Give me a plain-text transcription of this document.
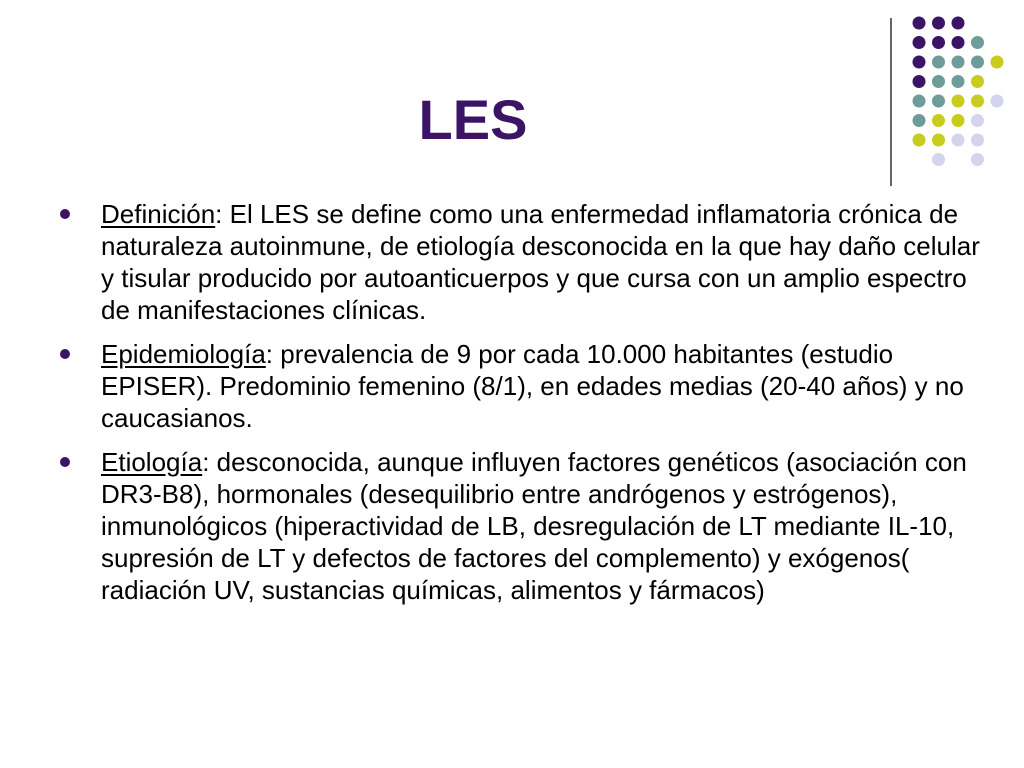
LES
Definición: El LES se define como una enfermedad inflamatoria crónica de naturaleza autoinmune, de etiología desconocida en la que hay daño celular y tisular producido por autoanticuerpos y que cursa con un amplio espectro de manifestaciones clínicas.
Epidemiología: prevalencia de 9 por cada 10.000 habitantes (estudio EPISER). Predominio femenino (8/1), en edades medias (20-40 años) y no caucasianos.
Etiología: desconocida, aunque influyen factores genéticos (asociación con DR3-B8), hormonales (desequilibrio entre andrógenos y estrógenos), inmunológicos (hiperactividad de LB, desregulación de LT mediante IL-10, supresión de LT y defectos de factores del complemento) y exógenos( radiación UV, sustancias químicas, alimentos y fármacos)
